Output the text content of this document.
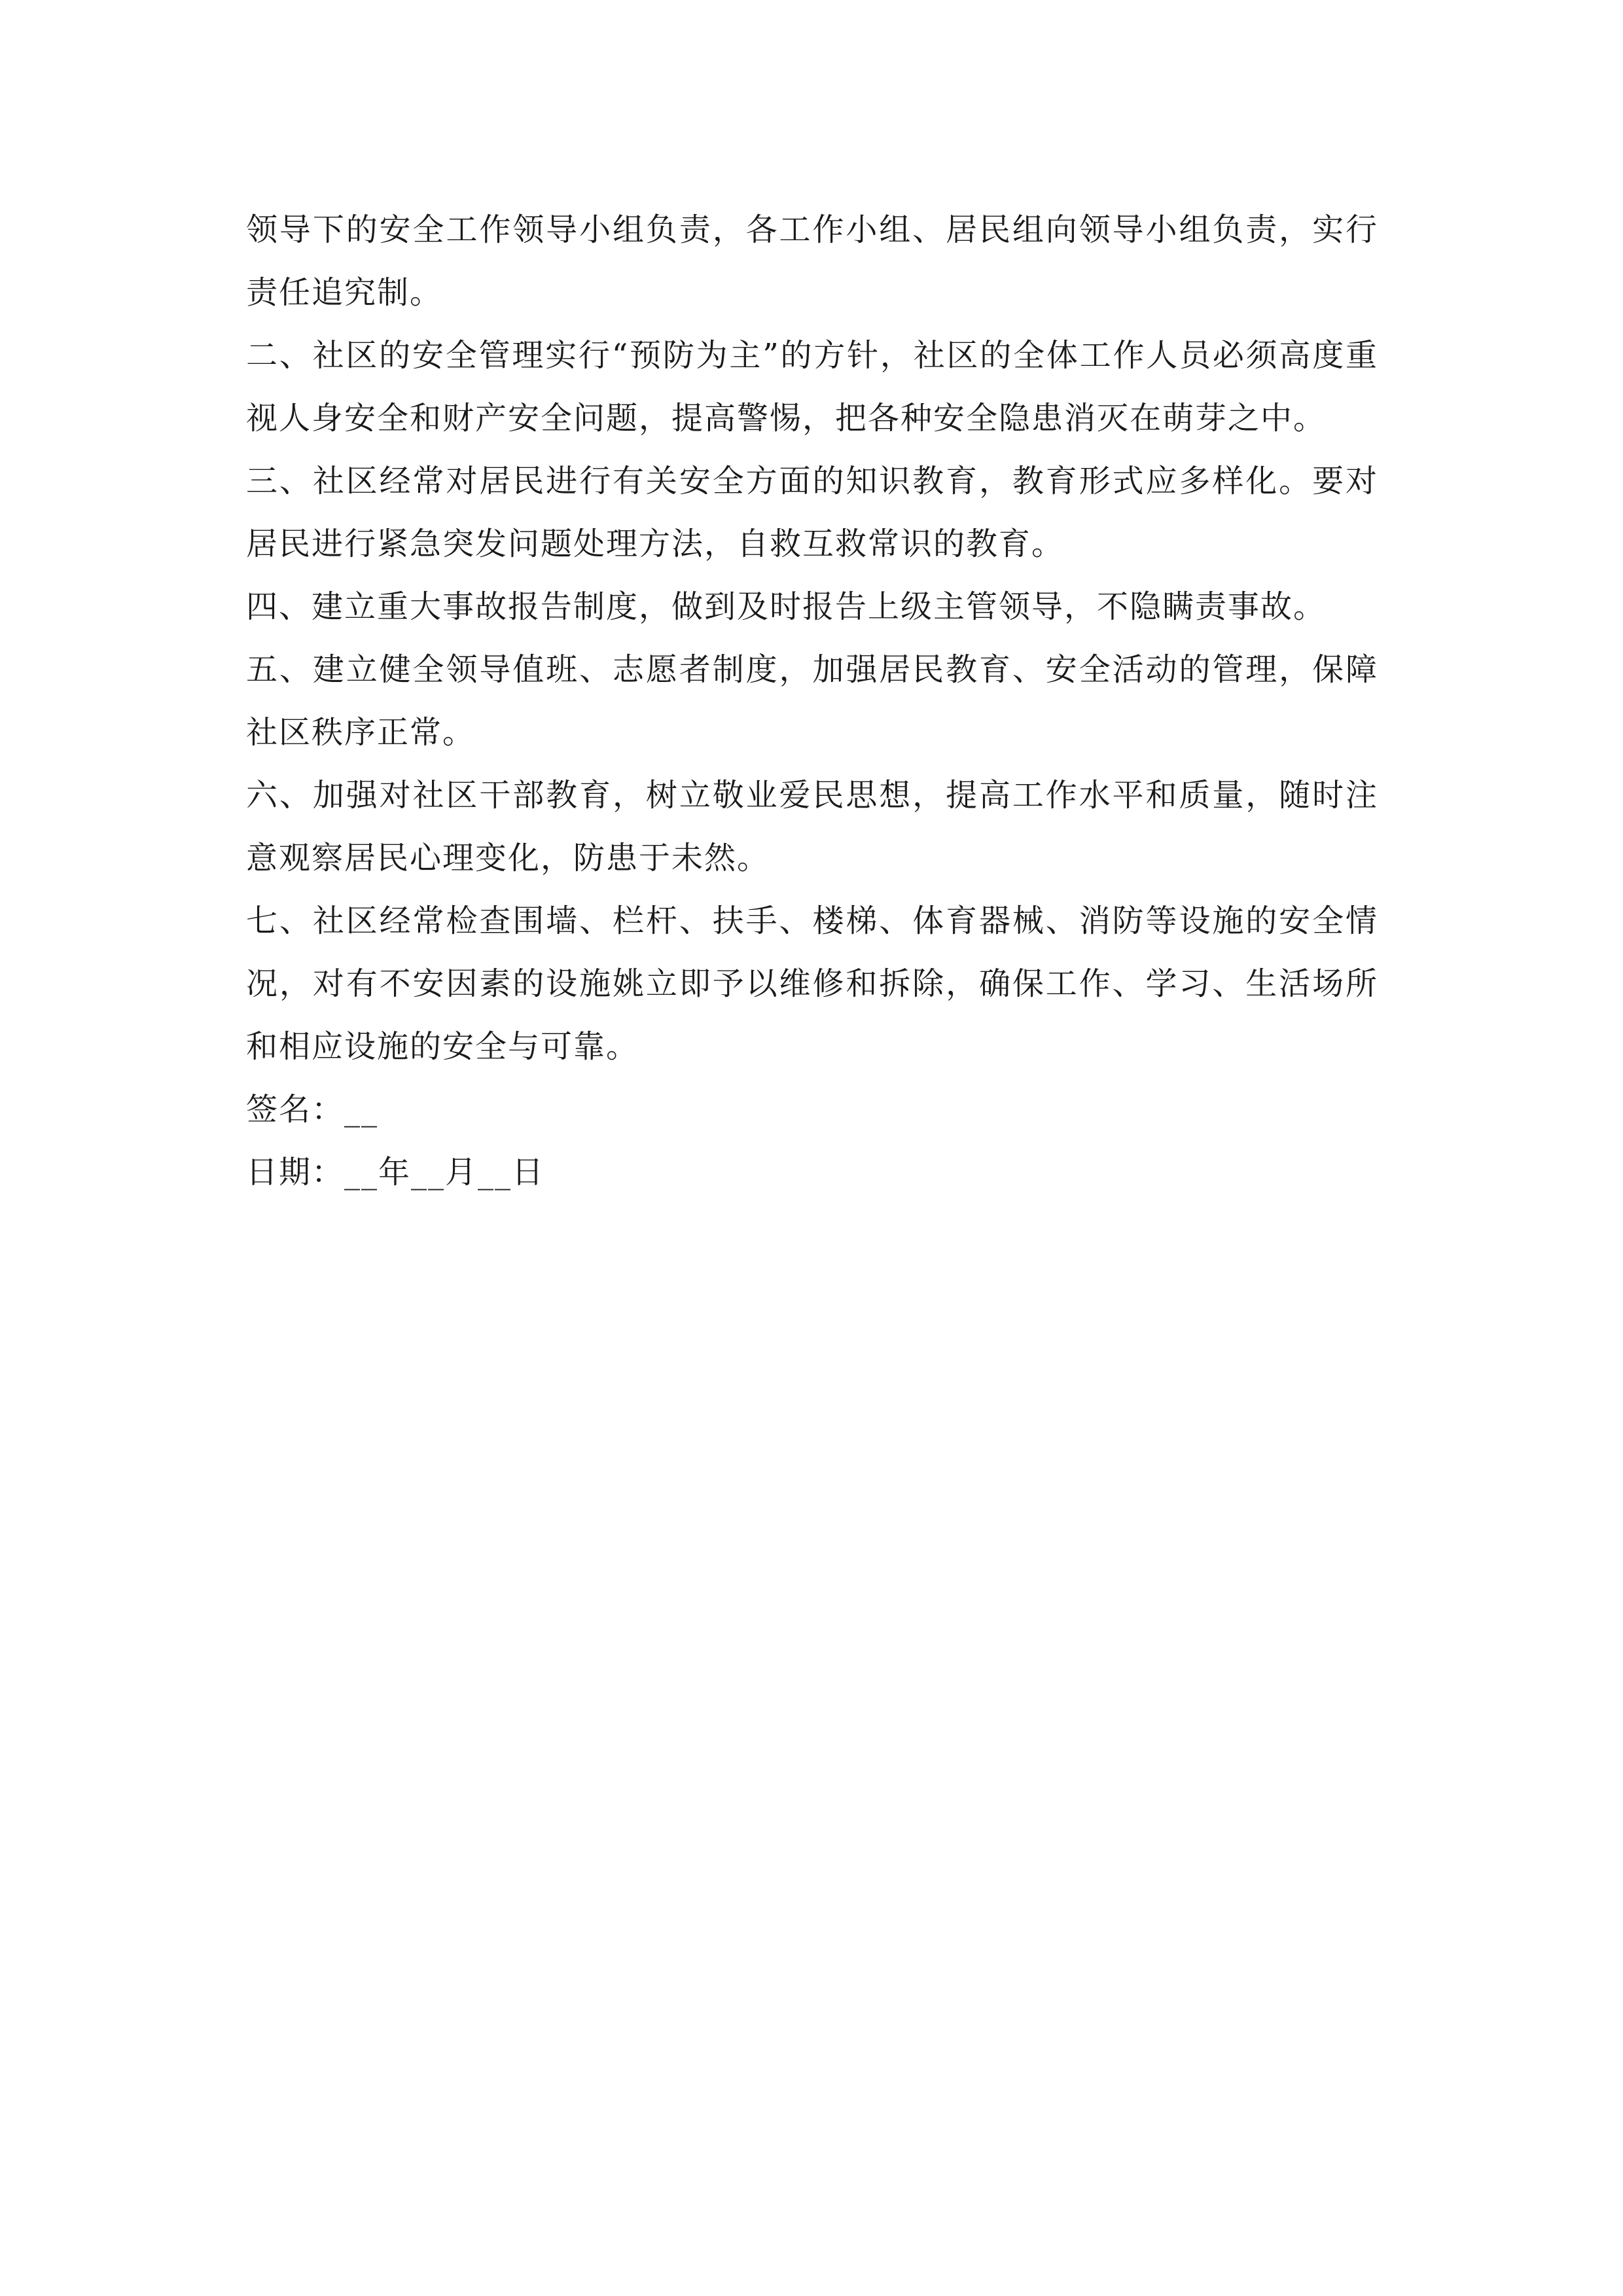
领导下的安全工作领导小组负责，各工作小组、居民组向领导小组负责，实行责任追究制。

二、社区的安全管理实行“预防为主”的方针，社区的全体工作人员必须高度重视人身安全和财产安全问题，提高警惕，把各种安全隐患消灭在萌芽之中。

三、社区经常对居民进行有关安全方面的知识教育，教育形式应多样化。要对居民进行紧急突发问题处理方法，自救互救常识的教育。

四、建立重大事故报告制度，做到及时报告上级主管领导，不隐瞒责事故。

五、建立健全领导值班、志愿者制度，加强居民教育、安全活动的管理，保障社区秩序正常。

六、加强对社区干部教育，树立敬业爱民思想，提高工作水平和质量，随时注意观察居民心理变化，防患于未然。

七、社区经常检查围墙、栏杆、扶手、楼梯、体育器械、消防等设施的安全情况，对有不安因素的设施姚立即予以维修和拆除，确保工作、学习、生活场所和相应设施的安全与可靠。

签名：__

日期：__年__月__日
